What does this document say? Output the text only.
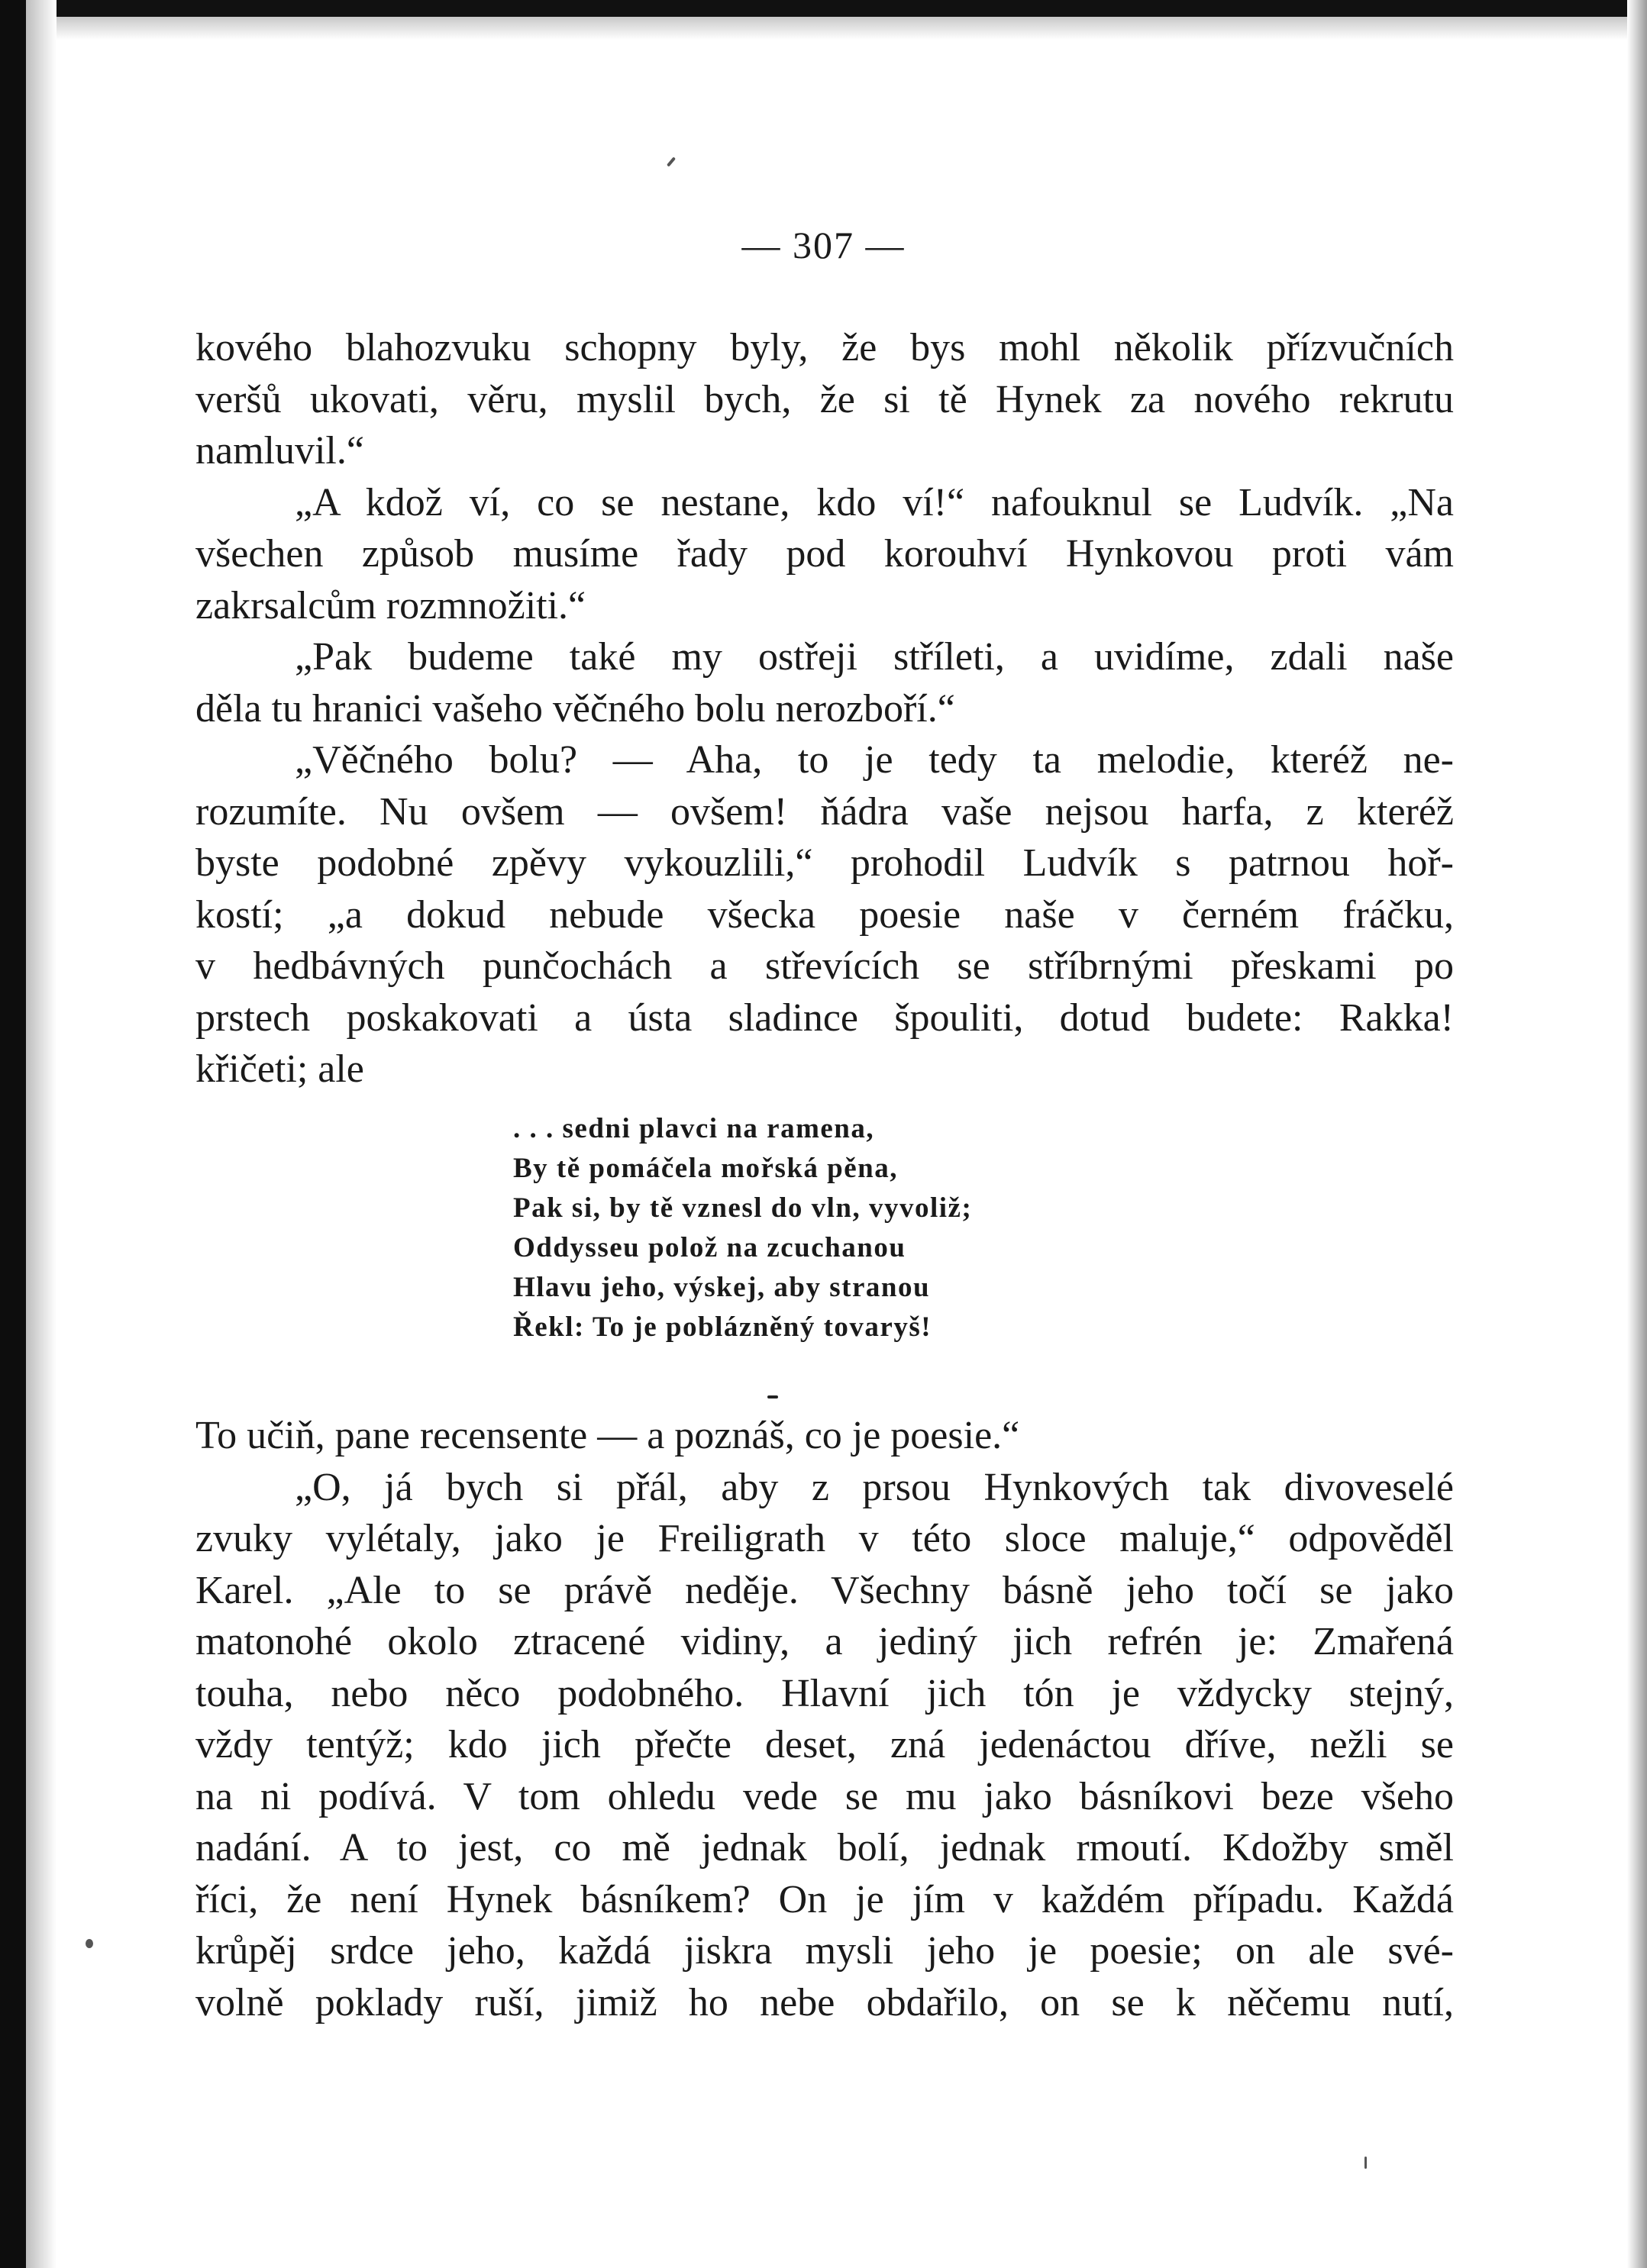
— 307 —
kového blahozvuku schopny byly, že bys mohl několik přízvučních
veršů ukovati, věru, myslil bych, že si tě Hynek za nového rekrutu
namluvil.“
„A kdož ví, co se nestane, kdo ví!“ nafouknul se Ludvík. „Na
všechen způsob musíme řady pod korouhví Hynkovou proti vám
zakrsalcům rozmnožiti.“
„Pak budeme také my ostřeji stříleti, a uvidíme, zdali naše
děla tu hranici vašeho věčného bolu nerozboří.“
„Věčného bolu? — Aha, to je tedy ta melodie, kteréž ne-
rozumíte. Nu ovšem — ovšem! ňádra vaše nejsou harfa, z kteréž
byste podobné zpěvy vykouzlili,“ prohodil Ludvík s patrnou hoř-
kostí; „a dokud nebude všecka poesie naše v černém fráčku,
v hedbávných punčochách a střevících se stříbrnými přeskami po
prstech poskakovati a ústa sladince špouliti, dotud budete: Rakka!
křičeti; ale
. . . sedni plavci na ramena,
By tě pomáčela mořská pěna,
Pak si, by tě vznesl do vln, vyvoliž;
Oddysseu polož na zcuchanou
Hlavu jeho, výskej, aby stranou
Řekl: To je poblázněný tovaryš!
To učiň, pane recensente — a poznáš, co je poesie.“
„O, já bych si přál, aby z prsou Hynkových tak divoveselé
zvuky vylétaly, jako je Freiligrath v této sloce maluje,“ odpověděl
Karel. „Ale to se právě neděje. Všechny básně jeho točí se jako
matonohé okolo ztracené vidiny, a jediný jich refrén je: Zmařená
touha, nebo něco podobného. Hlavní jich tón je vždycky stejný,
vždy tentýž; kdo jich přečte deset, zná jedenáctou dříve, nežli se
na ni podívá. V tom ohledu vede se mu jako básníkovi beze všeho
nadání. A to jest, co mě jednak bolí, jednak rmoutí. Kdožby směl
říci, že není Hynek básníkem? On je jím v každém případu. Každá
krůpěj srdce jeho, každá jiskra mysli jeho je poesie; on ale své-
volně poklady ruší, jimiž ho nebe obdařilo, on se k něčemu nutí,
